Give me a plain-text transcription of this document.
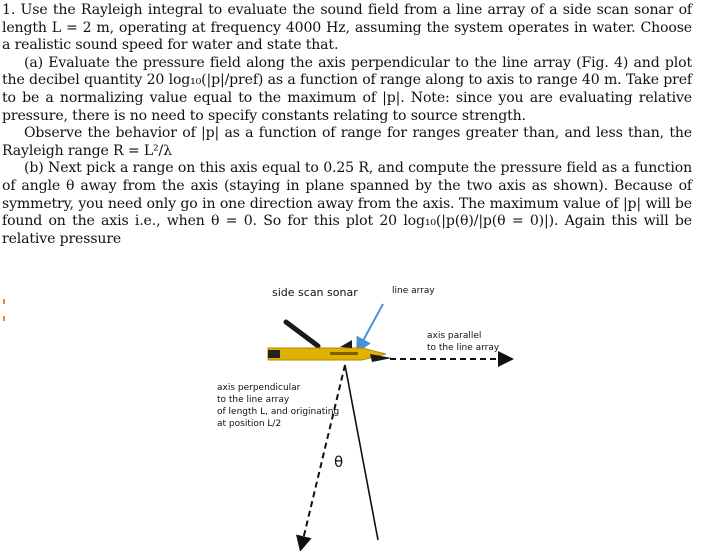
1. Use the Rayleigh integral to evaluate the sound field from a line array of a side scan sonar of length L = 2 m, operating at frequency 4000 Hz, assuming the system operates in water. Choose a realistic sound speed for water and state that.

(a) Evaluate the pressure field along the axis perpendicular to the line array (Fig. 4) and plot the decibel quantity 20 log₁₀(|p|/pref) as a function of range along to axis to range 40 m. Take pref to be a normalizing value equal to the maximum of |p|. Note: since you are evaluating relative pressure, there is no need to specify constants relating to source strength.

Observe the behavior of |p| as a function of range for ranges greater than, and less than, the Rayleigh range R = L²/λ

(b) Next pick a range on this axis equal to 0.25 R, and compute the pressure field as a function of angle θ away from the axis (staying in plane spanned by the two axis as shown). Because of symmetry, you need only go in one direction away from the axis. The maximum value of |p| will be found on the axis i.e., when θ = 0. So for this plot 20 log₁₀(|p(θ)/|p(θ = 0)|). Again this will be relative pressure

side scan sonar	line array
axis parallel
to the line array
axis perpendicular
to the line array
of length L, and originating
at position L/2
θ
